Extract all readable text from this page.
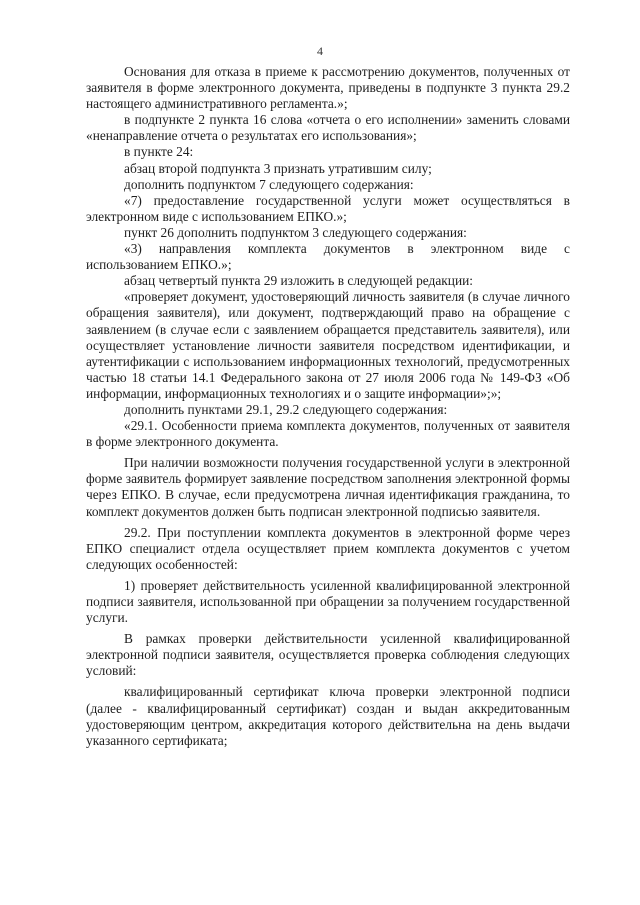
4

Основания для отказа в приеме к рассмотрению документов, полученных от заявителя в форме электронного документа, приведены в подпункте 3 пункта 29.2 настоящего административного регламента.»;

в подпункте 2 пункта 16 слова «отчета о его исполнении» заменить словами «ненаправление отчета о результатах его использования»;

в пункте 24:

абзац второй подпункта 3 признать утратившим силу;

дополнить подпунктом 7 следующего содержания:

«7) предоставление государственной услуги может осуществляться в электронном виде с использованием ЕПКО.»;

пункт 26 дополнить подпунктом 3 следующего содержания:

«3) направления комплекта документов в электронном виде с использованием ЕПКО.»;

абзац четвертый пункта 29 изложить в следующей редакции:

«проверяет документ, удостоверяющий личность заявителя (в случае личного обращения заявителя), или документ, подтверждающий право на обращение с заявлением (в случае если с заявлением обращается представитель заявителя), или осуществляет установление личности заявителя посредством идентификации, и аутентификации с использованием информационных технологий, предусмотренных частью 18 статьи 14.1 Федерального закона от 27 июля 2006 года № 149-ФЗ «Об информации, информационных технологиях и о защите информации»;»;

дополнить пунктами 29.1, 29.2 следующего содержания:

«29.1. Особенности приема комплекта документов, полученных от заявителя в форме электронного документа.

При наличии возможности получения государственной услуги в электронной форме заявитель формирует заявление посредством заполнения электронной формы через ЕПКО. В случае, если предусмотрена личная идентификация гражданина, то комплект документов должен быть подписан электронной подписью заявителя.

29.2. При поступлении комплекта документов в электронной форме через ЕПКО специалист отдела осуществляет прием комплекта документов с учетом следующих особенностей:

1) проверяет действительность усиленной квалифицированной электронной подписи заявителя, использованной при обращении за получением государственной услуги.

В рамках проверки действительности усиленной квалифицированной электронной подписи заявителя, осуществляется проверка соблюдения следующих условий:

квалифицированный сертификат ключа проверки электронной подписи (далее - квалифицированный сертификат) создан и выдан аккредитованным удостоверяющим центром, аккредитация которого действительна на день выдачи указанного сертификата;
